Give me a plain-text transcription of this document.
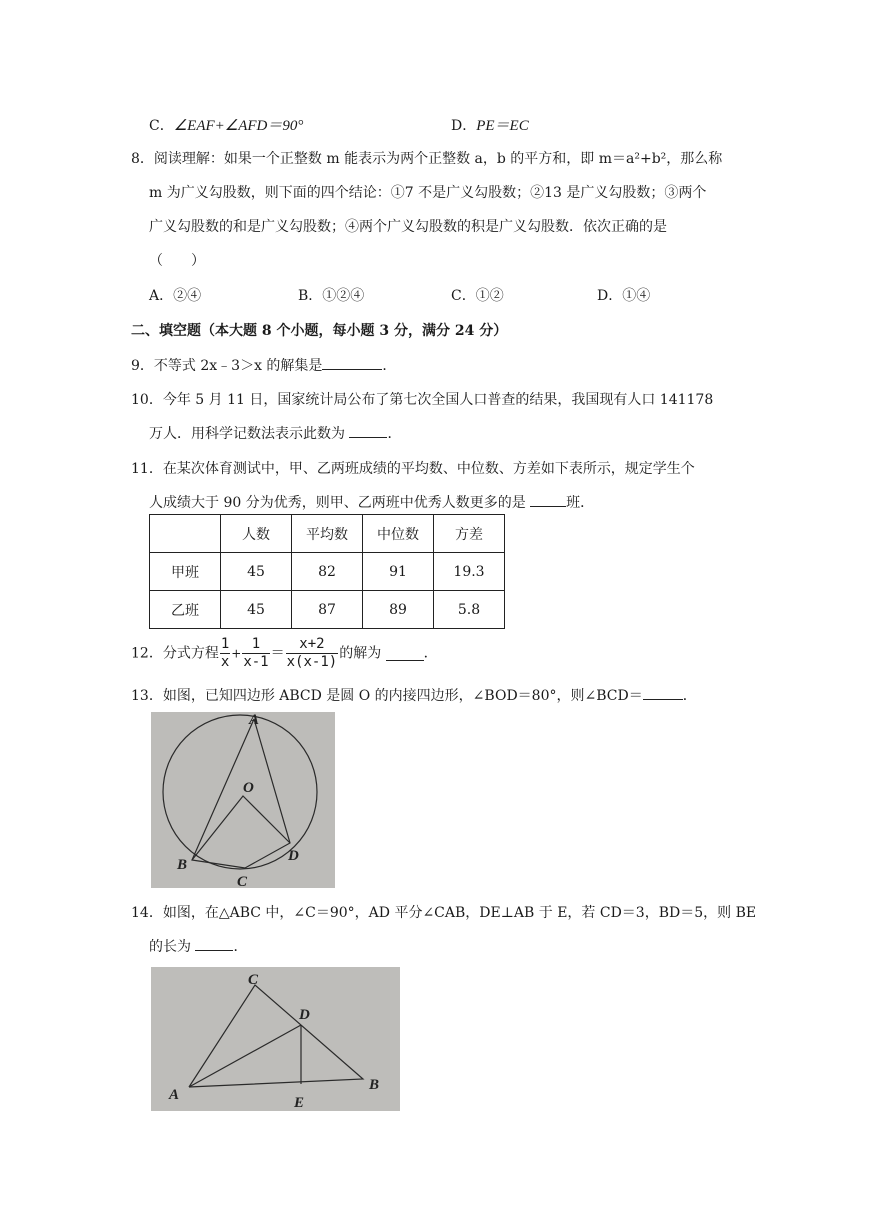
C．∠EAF+∠AFD＝90°	D．PE＝EC
8．阅读理解：如果一个正整数 m 能表示为两个正整数 a，b 的平方和，即 m＝a²+b²，那么称
m 为广义勾股数，则下面的四个结论：①7 不是广义勾股数；②13 是广义勾股数；③两个
广义勾股数的和是广义勾股数；④两个广义勾股数的积是广义勾股数．依次正确的是
（　　）
A．②④	B．①②④	C．①②	D．①④
二、填空题（本大题 8 个小题，每小题 3 分，满分 24 分）
9．不等式 2x﹣3＞x 的解集是	．
10．今年 5 月 11 日，国家统计局公布了第七次全国人口普查的结果，我国现有人口 141178
万人．用科学记数法表示此数为	．
11．在某次体育测试中，甲、乙两班成绩的平均数、中位数、方差如下表所示，规定学生个
人成绩大于 90 分为优秀，则甲、乙两班中优秀人数更多的是	班．
	人数	平均数	中位数	方差
甲班	45	82	91	19.3
乙班	45	87	89	5.8
12．分式方程 $\frac{1}{x} + \frac{1}{x-1} = \frac{x+2}{x(x-1)}$ 的解为	．
13．如图，已知四边形 ABCD 是圆 O 的内接四边形，∠BOD＝80°，则∠BCD＝	．
A
O
B
C
D
14．如图，在△ABC 中，∠C＝90°，AD 平分∠CAB，DE⊥AB 于 E，若 CD＝3，BD＝5，则 BE
的长为	．
C
D
A	E
B
